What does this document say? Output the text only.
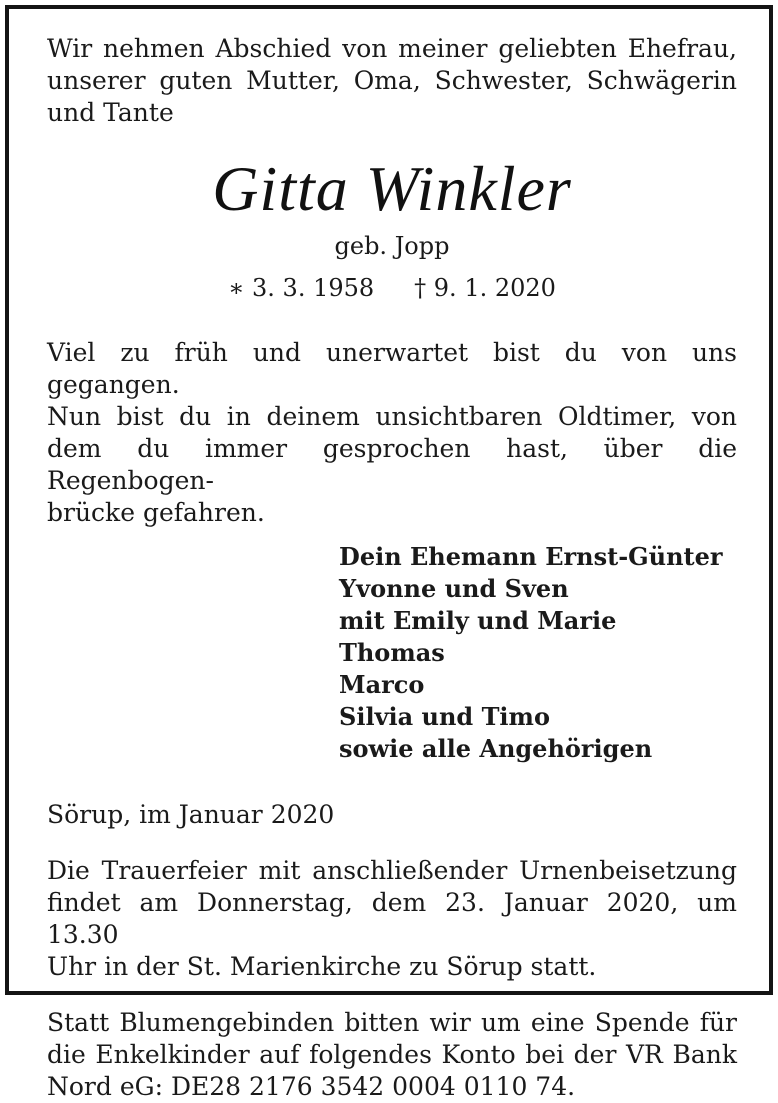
Wir nehmen Abschied von meiner geliebten Ehefrau,
unserer guten Mutter, Oma, Schwester, Schwägerin
und Tante

Gitta Winkler
geb. Jopp
∗ 3. 3. 1958 † 9. 1. 2020

Viel zu früh und unerwartet bist du von uns gegangen.
Nun bist du in deinem unsichtbaren Oldtimer, von
dem du immer gesprochen hast, über die Regenbogen-
brücke gefahren.

Dein Ehemann Ernst-Günter
Yvonne und Sven
mit Emily und Marie
Thomas
Marco
Silvia und Timo
sowie alle Angehörigen

Sörup, im Januar 2020

Die Trauerfeier mit anschließender Urnenbeisetzung
findet am Donnerstag, dem 23. Januar 2020, um 13.30
Uhr in der St. Marienkirche zu Sörup statt.

Statt Blumengebinden bitten wir um eine Spende für
die Enkelkinder auf folgendes Konto bei der VR Bank
Nord eG: DE28 2176 3542 0004 0110 74.
